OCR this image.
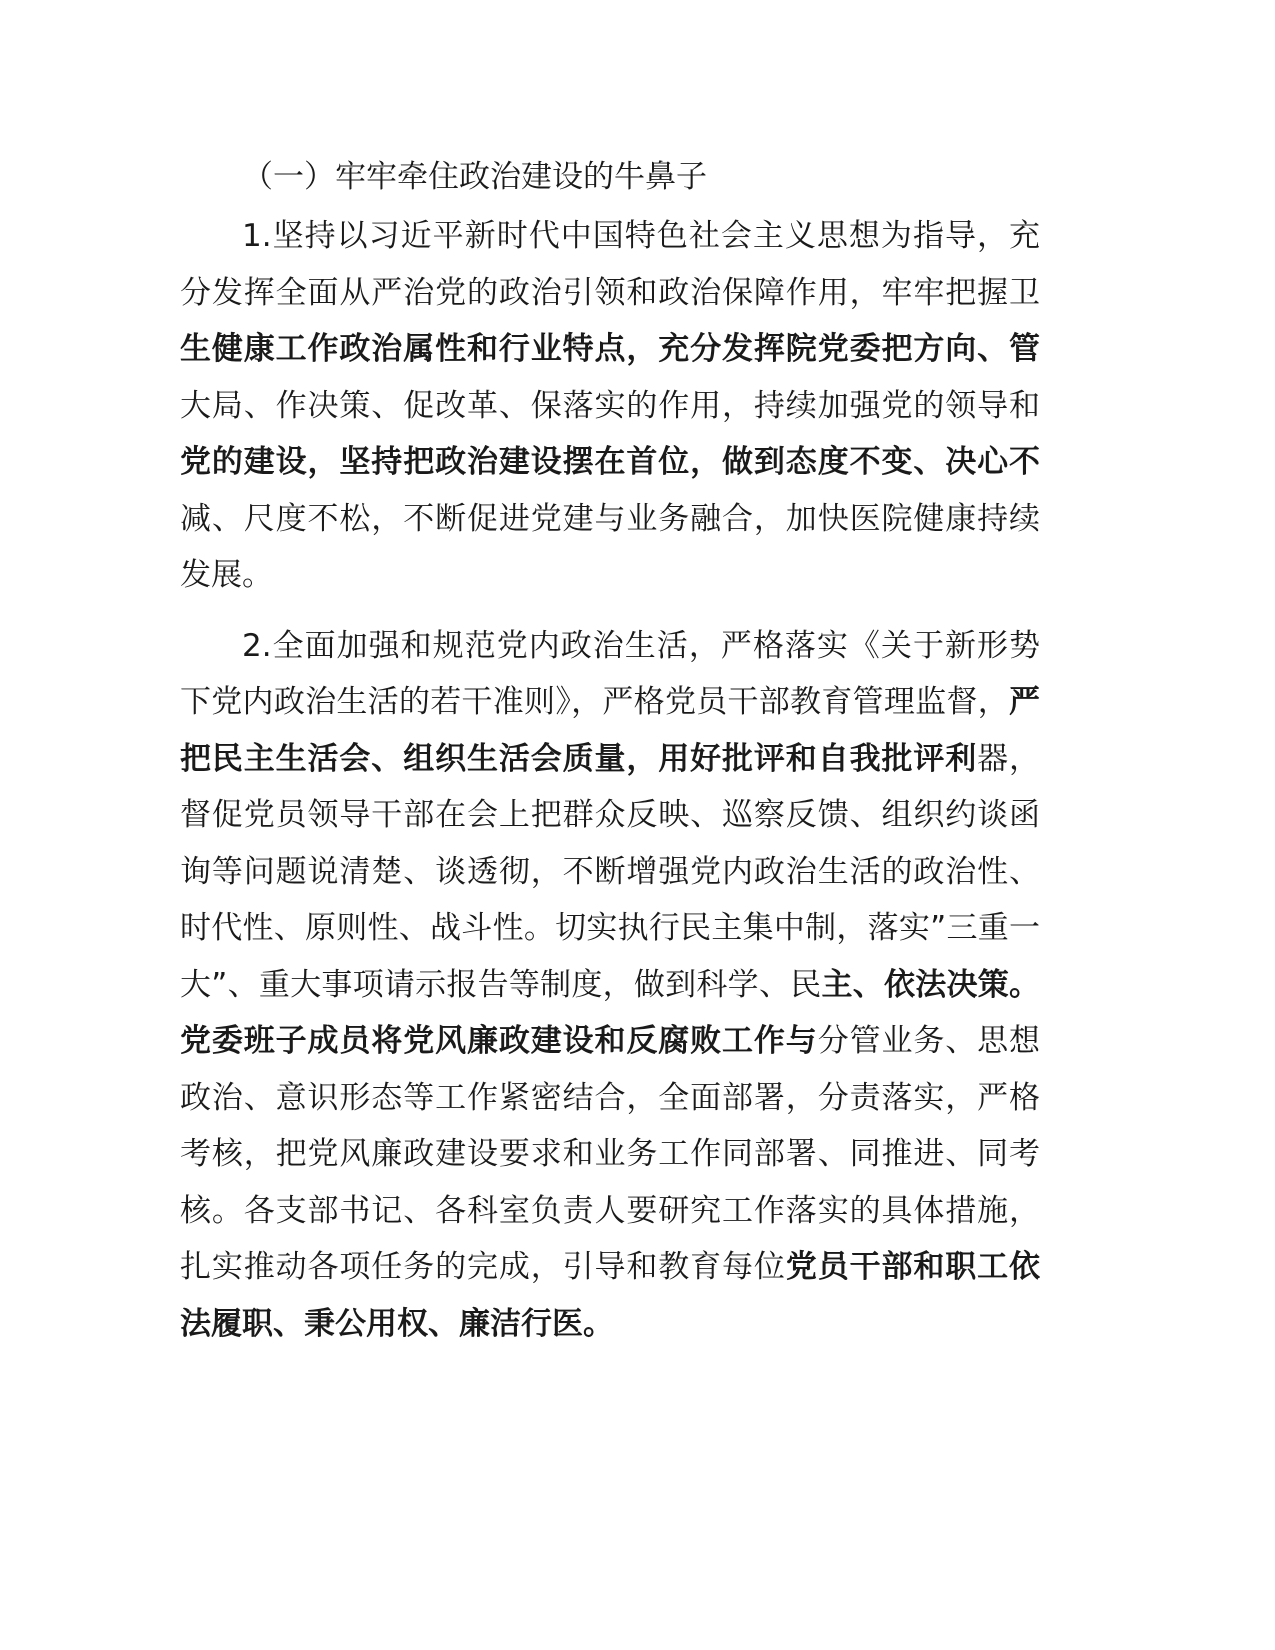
（一）牢牢牵住政治建设的牛鼻子

1.坚持以习近平新时代中国特色社会主义思想为指导，充分发挥全面从严治党的政治引领和政治保障作用，牢牢把握卫生健康工作政治属性和行业特点，充分发挥院党委把方向、管大局、作决策、促改革、保落实的作用，持续加强党的领导和党的建设，坚持把政治建设摆在首位，做到态度不变、决心不减、尺度不松，不断促进党建与业务融合，加快医院健康持续发展。

2.全面加强和规范党内政治生活，严格落实《关于新形势下党内政治生活的若干准则》，严格党员干部教育管理监督，严把民主生活会、组织生活会质量，用好批评和自我批评利器，督促党员领导干部在会上把群众反映、巡察反馈、组织约谈函询等问题说清楚、谈透彻，不断增强党内政治生活的政治性、时代性、原则性、战斗性。切实执行民主集中制，落实”三重一大”、重大事项请示报告等制度，做到科学、民主、依法决策。党委班子成员将党风廉政建设和反腐败工作与分管业务、思想政治、意识形态等工作紧密结合，全面部署，分责落实，严格考核，把党风廉政建设要求和业务工作同部署、同推进、同考核。各支部书记、各科室负责人要研究工作落实的具体措施，扎实推动各项任务的完成，引导和教育每位党员干部和职工依法履职、秉公用权、廉洁行医。
